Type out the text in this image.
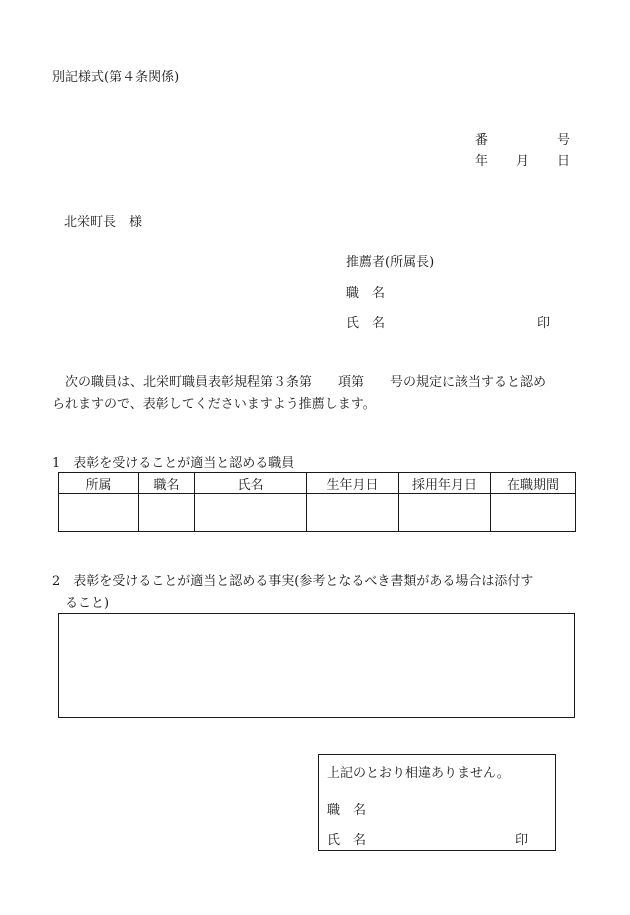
別記様式(第４条関係)
番	号
年 月 日
北栄町長　様
推薦者(所属長)
職　名
氏　名	印
　次の職員は、北栄町職員表彰規程第３条第　　項第　　号の規定に該当すると認め
られますので、表彰してくださいますよう推薦します。
1　表彰を受けることが適当と認める職員
所属	職名	氏名	生年月日	採用年月日	在職期間

2　表彰を受けることが適当と認める事実(参考となるべき書類がある場合は添付す
　ること)
上記のとおり相違ありません。
職　名
氏　名	印
